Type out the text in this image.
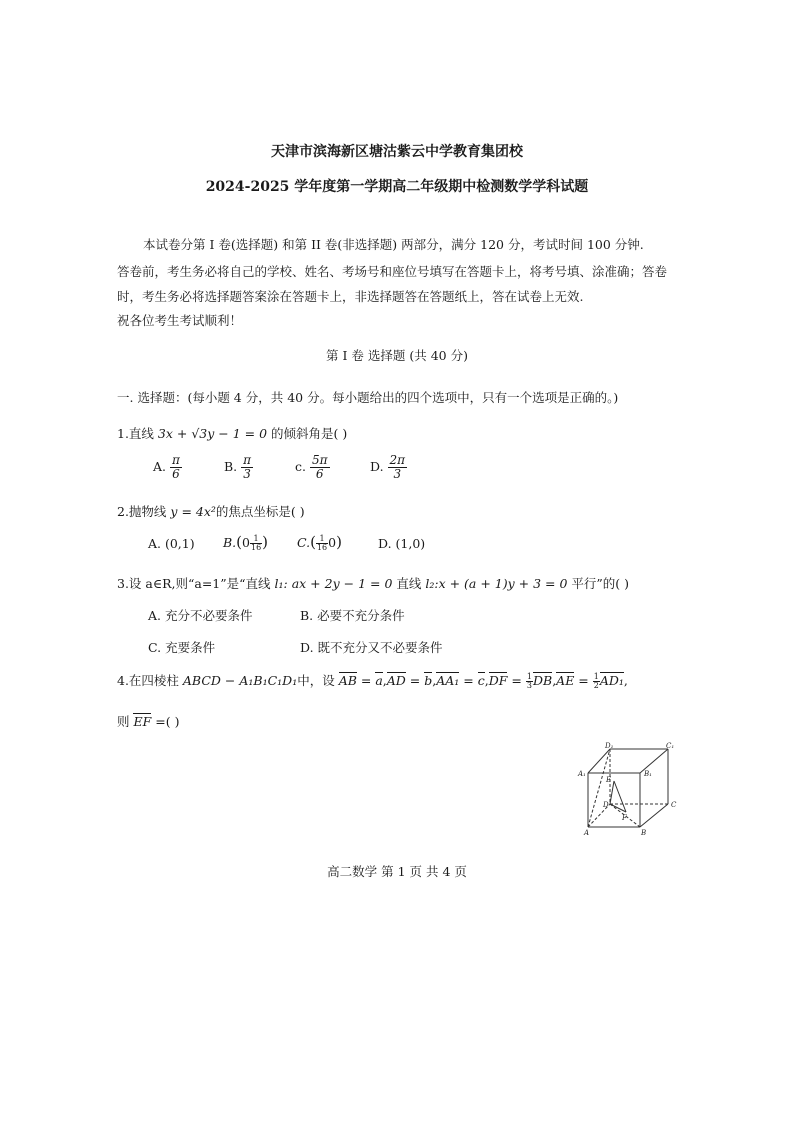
天津市滨海新区塘沽紫云中学教育集团校
2024-2025 学年度第一学期高二年级期中检测数学学科试题
本试卷分第 I 卷(选择题) 和第 II 卷(非选择题) 两部分，满分 120 分，考试时间 100 分钟.
答卷前，考生务必将自己的学校、姓名、考场号和座位号填写在答题卡上，将考号填、涂准确；答卷
时，考生务必将选择题答案涂在答题卡上，非选择题答在答题纸上，答在试卷上无效.
祝各位考生考试顺利！
第 I 卷 选择题 (共 40 分)
一. 选择题：(每小题 4 分，共 40 分。每小题给出的四个选项中，只有一个选项是正确的。)
1.直线 3x + √3y − 1 = 0 的倾斜角是( )
A. $\frac{\pi}{6}$	B. $\frac{\pi}{3}$	c. $\frac{5\pi}{6}$	D. $\frac{2\pi}{3}$
2.抛物线 y = 4x²的焦点坐标是( )
A. (0,1) $B.(0 \frac{1}{16}$ ) $C.( \frac{1}{16} 0)$	D. (1,0)
3.设 a∈R,则“a=1”是“直线 l₁: ax + 2y − 1 = 0 直线 l₂:x + (a + 1)y + 3 = 0 平行”的( )
A. 充分不必要条件	B. 必要不充分条件
C. 充要条件	D. 既不充分又不必要条件
4.在四棱柱 ABCD − A₁B₁C₁D₁中，设 AB = $a,AD = b,AA_1 = c,DF = \frac{1}{3} DB,AE = \frac{1}{2} AD_1$,
则 EF =( )
D₁	C₁
A₁	B₁
E
D	C
F
A	B
高二数学 第 1 页 共 4 页
